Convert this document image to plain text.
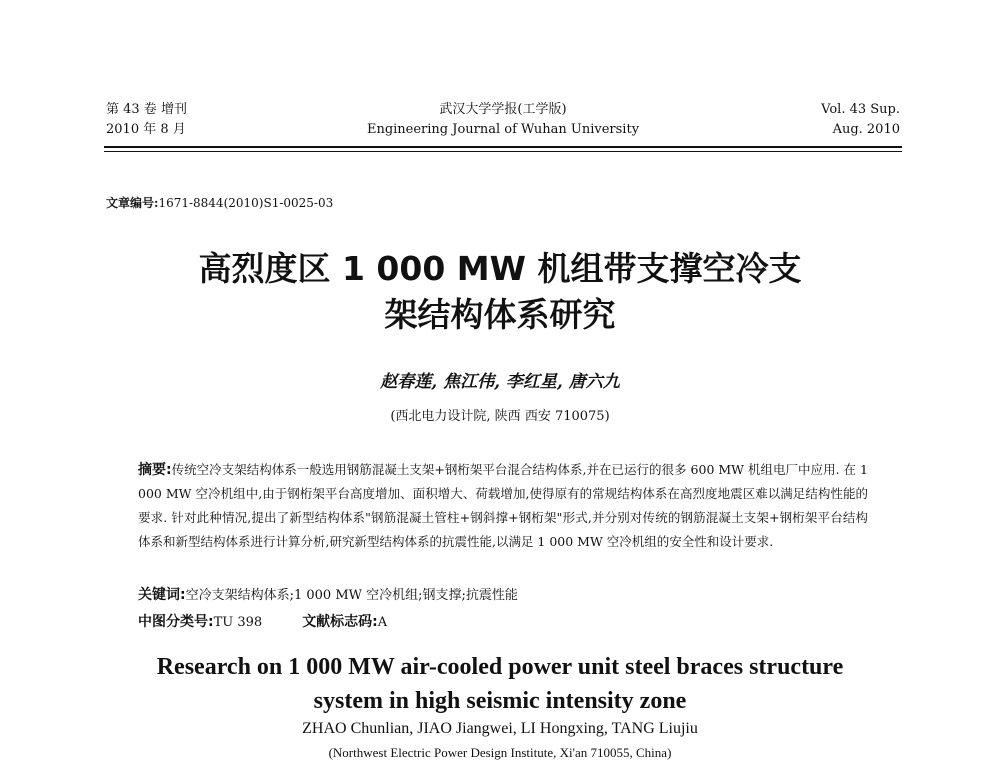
第 43 卷 增刊
2010 年 8 月
武汉大学学报(工学版)
Engineering Journal of Wuhan University
Vol. 43 Sup.
Aug. 2010
文章编号:1671-8844(2010)S1-0025-03
高烈度区 1 000 MW 机组带支撑空冷支
架结构体系研究
赵春莲, 焦江伟, 李红星, 唐六九
(西北电力设计院, 陕西 西安 710075)
摘要:传统空冷支架结构体系一般选用钢筋混凝土支架+钢桁架平台混合结构体系,并在已运行的很多 600 MW 机组电厂中应用. 在 1 000 MW 空冷机组中,由于钢桁架平台高度增加、面积增大、荷载增加,使得原有的常规结构体系在高烈度地震区难以满足结构性能的要求. 针对此种情况,提出了新型结构体系"钢筋混凝土管柱+钢斜撑+钢桁架"形式,并分别对传统的钢筋混凝土支架+钢桁架平台结构体系和新型结构体系进行计算分析,研究新型结构体系的抗震性能,以满足 1 000 MW 空冷机组的安全性和设计要求.
关键词:空冷支架结构体系;1 000 MW 空冷机组;钢支撑;抗震性能
中图分类号:TU 398	文献标志码:A
Research on 1 000 MW air-cooled power unit steel braces structure
system in high seismic intensity zone
ZHAO Chunlian, JIAO Jiangwei, LI Hongxing, TANG Liujiu
(Northwest Electric Power Design Institute, Xi'an 710055, China)
